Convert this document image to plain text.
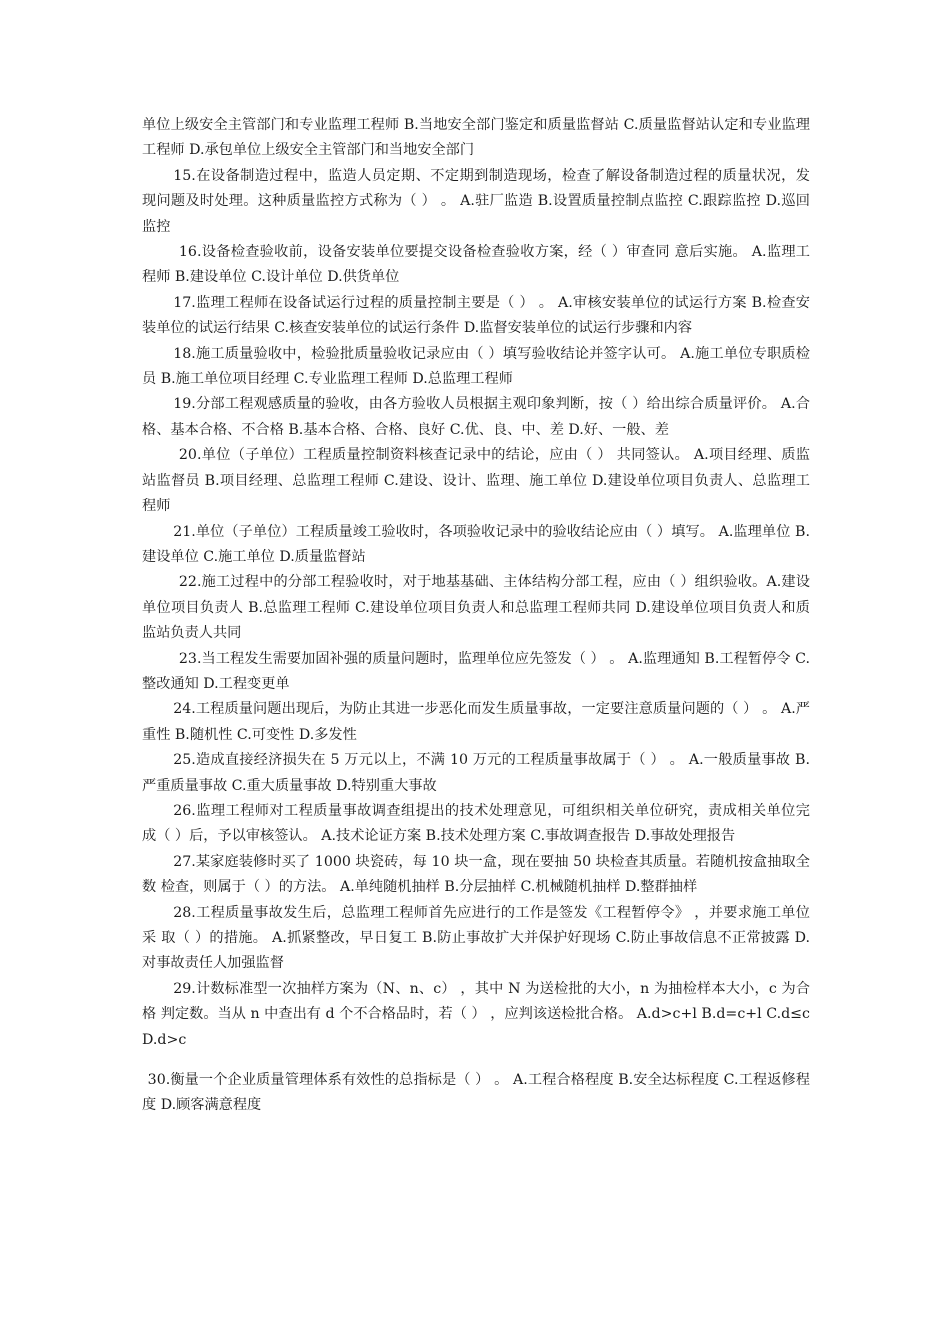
单位上级安全主管部门和专业监理工程师 B.当地安全部门鉴定和质量监督站 C.质量监督站认定和专业监理工程师 D.承包单位上级安全主管部门和当地安全部门

15.在设备制造过程中，监造人员定期、不定期到制造现场，检查了解设备制造过程的质量状况，发 现问题及时处理。这种质量监控方式称为（ ） 。 A.驻厂监造 B.设置质量控制点监控 C.跟踪监控 D.巡回监控

16.设备检查验收前，设备安装单位要提交设备检查验收方案，经（ ）审查同 意后实施。 A.监理工程师 B.建设单位 C.设计单位 D.供货单位

17.监理工程师在设备试运行过程的质量控制主要是（ ） 。 A.审核安装单位的试运行方案 B.检查安装单位的试运行结果 C.核查安装单位的试运行条件 D.监督安装单位的试运行步骤和内容

18.施工质量验收中，检验批质量验收记录应由（ ）填写验收结论并签字认可。 A.施工单位专职质检员 B.施工单位项目经理 C.专业监理工程师 D.总监理工程师

19.分部工程观感质量的验收，由各方验收人员根据主观印象判断，按（ ）给出综合质量评价。 A.合格、基本合格、不合格 B.基本合格、合格、良好 C.优、良、中、差 D.好、一般、差

20.单位（子单位）工程质量控制资料核查记录中的结论，应由（ ） 共同签认。 A.项目经理、质监站监督员 B.项目经理、总监理工程师 C.建设、设计、监理、施工单位 D.建设单位项目负责人、总监理工程师

21.单位（子单位）工程质量竣工验收时，各项验收记录中的验收结论应由（ ）填写。 A.监理单位 B.建设单位 C.施工单位 D.质量监督站

22.施工过程中的分部工程验收时，对于地基基础、主体结构分部工程，应由（ ）组织验收。A.建设单位项目负责人 B.总监理工程师 C.建设单位项目负责人和总监理工程师共同 D.建设单位项目负责人和质监站负责人共同

23.当工程发生需要加固补强的质量问题时，监理单位应先签发（ ） 。 A.监理通知 B.工程暂停令 C.整改通知 D.工程变更单

24.工程质量问题出现后，为防止其进一步恶化而发生质量事故，一定要注意质量问题的（ ） 。 A.严重性 B.随机性 C.可变性 D.多发性

25.造成直接经济损失在 5 万元以上，不满 10 万元的工程质量事故属于（ ） 。 A.一般质量事故 B.严重质量事故 C.重大质量事故 D.特别重大事故

26.监理工程师对工程质量事故调查组提出的技术处理意见，可组织相关单位研究，责成相关单位完 成（ ）后，予以审核签认。 A.技术论证方案 B.技术处理方案 C.事故调查报告 D.事故处理报告

27.某家庭装修时买了 1000 块瓷砖，每 10 块一盒，现在要抽 50 块检查其质量。若随机按盒抽取全数 检查，则属于（ ）的方法。 A.单纯随机抽样 B.分层抽样 C.机械随机抽样 D.整群抽样

28.工程质量事故发生后，总监理工程师首先应进行的工作是签发《工程暂停令》 ，并要求施工单位采 取（ ）的措施。 A.抓紧整改，早日复工 B.防止事故扩大并保护好现场 C.防止事故信息不正常披露 D.对事故责任人加强监督

29.计数标准型一次抽样方案为（N、n、c） ，其中 N 为送检批的大小，n 为抽检样本大小，c 为合格 判定数。当从 n 中查出有 d 个不合格品时，若（ ） ，应判该送检批合格。 A.d>c+l B.d=c+l C.d≤c D.d>c

30.衡量一个企业质量管理体系有效性的总指标是（ ） 。 A.工程合格程度 B.安全达标程度 C.工程返修程度 D.顾客满意程度
